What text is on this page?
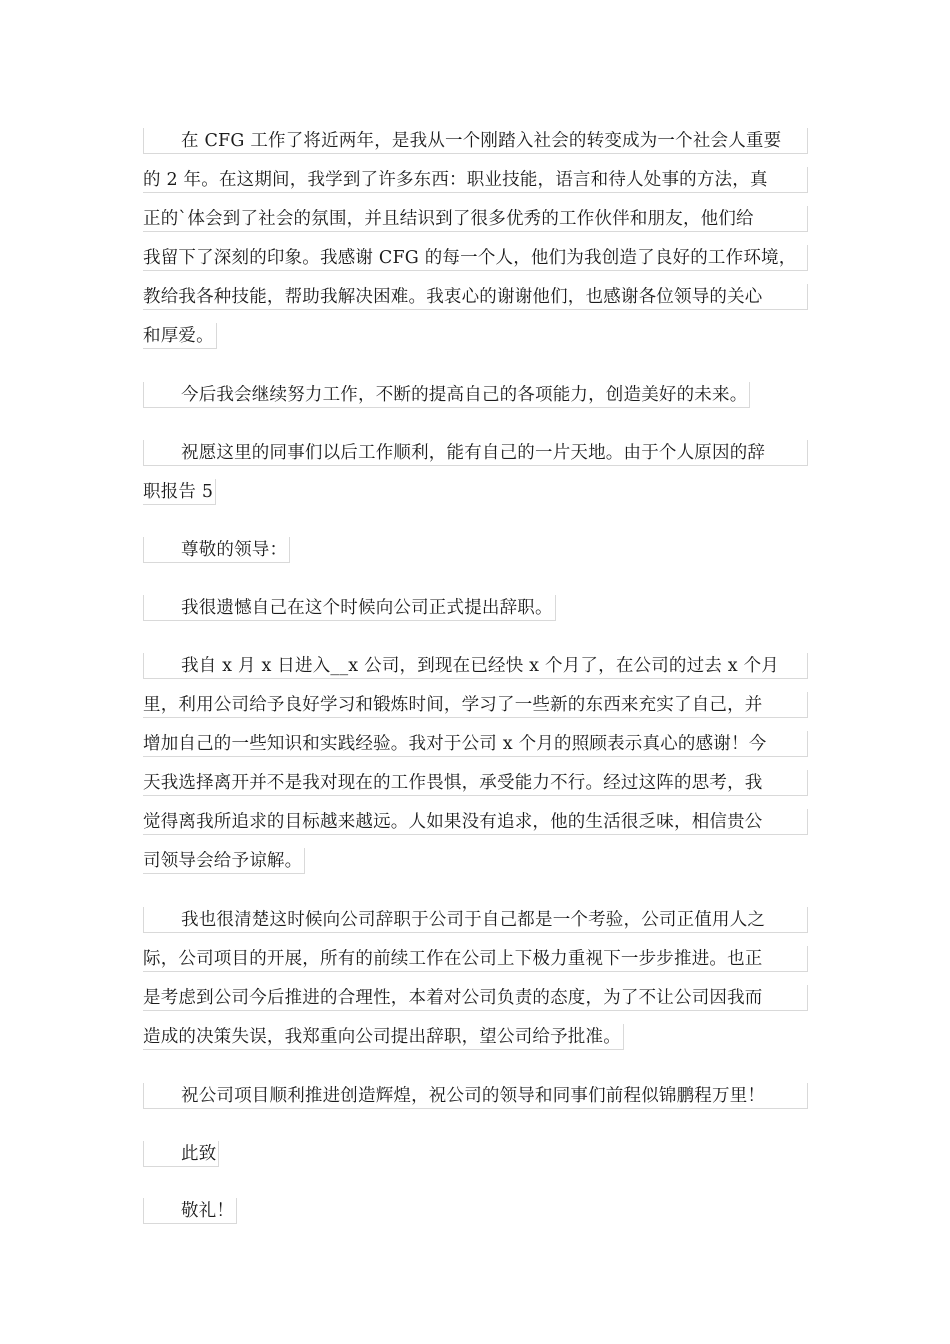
在 CFG 工作了将近两年，是我从一个刚踏入社会的转变成为一个社会人重要
的 2 年。在这期间，我学到了许多东西：职业技能，语言和待人处事的方法，真
正的`体会到了社会的氛围，并且结识到了很多优秀的工作伙伴和朋友，他们给
我留下了深刻的印象。我感谢 CFG 的每一个人，他们为我创造了良好的工作环境，
教给我各种技能，帮助我解决困难。我衷心的谢谢他们，也感谢各位领导的关心
和厚爱。
今后我会继续努力工作，不断的提高自己的各项能力，创造美好的未来。
祝愿这里的同事们以后工作顺利，能有自己的一片天地。由于个人原因的辞
职报告 5
尊敬的领导：
我很遗憾自己在这个时候向公司正式提出辞职。
我自 x 月 x 日进入__x 公司，到现在已经快 x 个月了，在公司的过去 x 个月
里，利用公司给予良好学习和锻炼时间，学习了一些新的东西来充实了自己，并
增加自己的一些知识和实践经验。我对于公司 x 个月的照顾表示真心的感谢！今
天我选择离开并不是我对现在的工作畏惧，承受能力不行。经过这阵的思考，我
觉得离我所追求的目标越来越远。人如果没有追求，他的生活很乏味，相信贵公
司领导会给予谅解。
我也很清楚这时候向公司辞职于公司于自己都是一个考验，公司正值用人之
际，公司项目的开展，所有的前续工作在公司上下极力重视下一步步推进。也正
是考虑到公司今后推进的合理性，本着对公司负责的态度，为了不让公司因我而
造成的决策失误，我郑重向公司提出辞职，望公司给予批准。
祝公司项目顺利推进创造辉煌，祝公司的领导和同事们前程似锦鹏程万里！
此致
敬礼！
